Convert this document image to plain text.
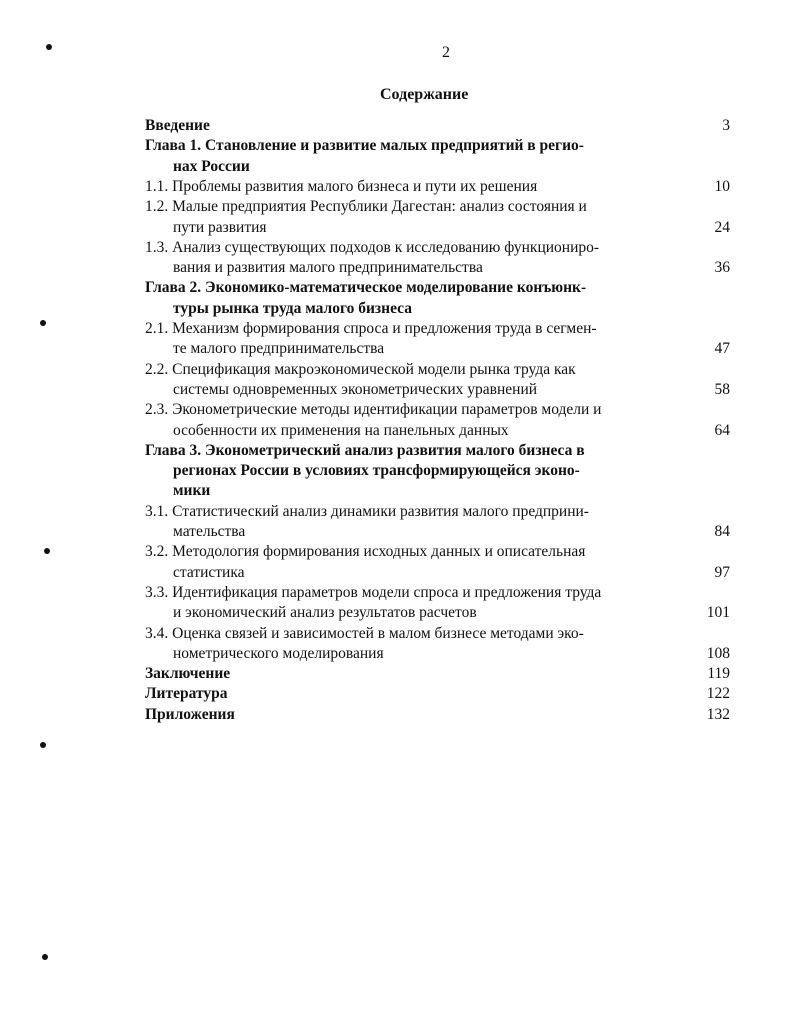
2
Содержание
Введение	3
Глава 1. Становление и развитие малых предприятий в регио-
нах России
1.1. Проблемы развития малого бизнеса и пути их решения	10
1.2. Малые предприятия Республики Дагестан: анализ состояния и
пути развития	24
1.3. Анализ существующих подходов к исследованию функциониро-
вания и развития малого предпринимательства	36
Глава 2. Экономико-математическое моделирование конъюнк-
туры рынка труда малого бизнеса
2.1. Механизм формирования спроса и предложения труда в сегмен-
те малого предпринимательства	47
2.2. Спецификация макроэкономической модели рынка труда как
системы одновременных эконометрических уравнений	58
2.3. Эконометрические методы идентификации параметров модели и
особенности их применения на панельных данных	64
Глава 3. Эконометрический анализ развития малого бизнеса в
регионах России в условиях трансформирующейся эконо-
мики
3.1. Статистический анализ динамики развития малого предприни-
мательства	84
3.2. Методология формирования исходных данных и описательная
статистика	97
3.3. Идентификация параметров модели спроса и предложения труда
и экономический анализ результатов расчетов	101
3.4. Оценка связей и зависимостей в малом бизнесе методами эко-
нометрического моделирования	108
Заключение	119
Литература	122
Приложения	132
